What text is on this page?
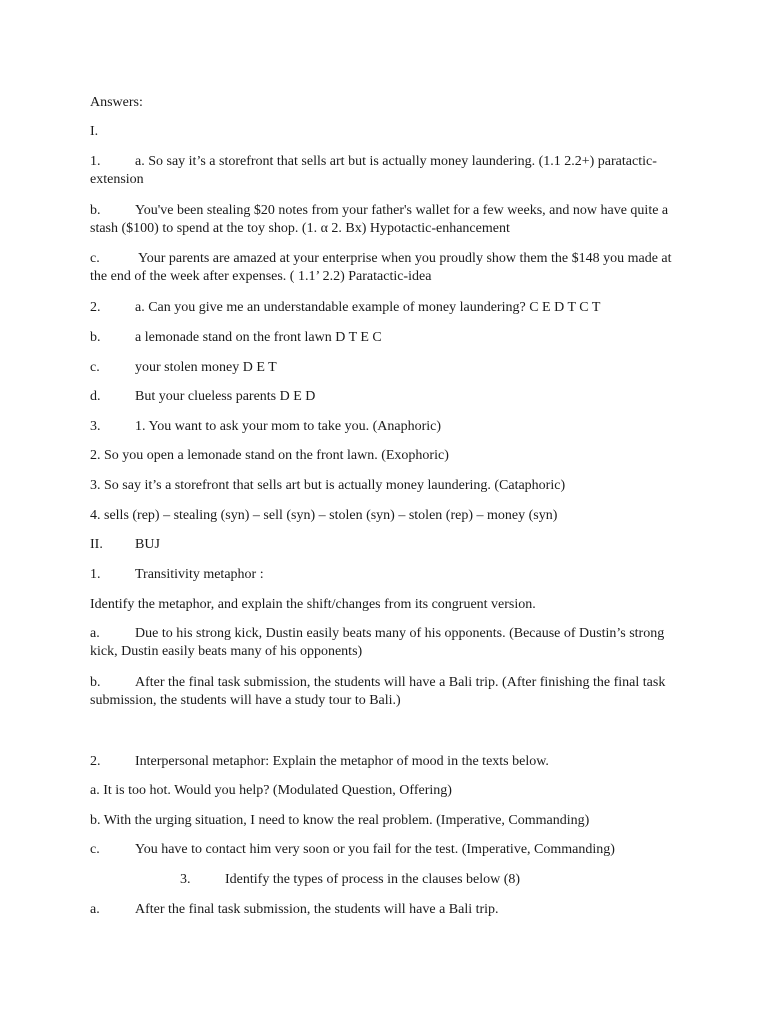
Answers:

I.

1. a. So say it’s a storefront that sells art but is actually money laundering. (1.1 2.2+) paratactic-extension

b. You've been stealing $20 notes from your father's wallet for a few weeks, and now have quite a stash ($100) to spend at the toy shop. (1. α 2. Bx) Hypotactic-enhancement

c.	Your parents are amazed at your enterprise when you proudly show them the $148 you made at the end of the week after expenses. ( 1.1’ 2.2) Paratactic-idea

2. a. Can you give me an understandable example of money laundering? C E D T C T

b. a lemonade stand on the front lawn D T E C

c.	your stolen money D E T

d. But your clueless parents D E D

3. 1. You want to ask your mom to take you. (Anaphoric)

2. So you open a lemonade stand on the front lawn. (Exophoric)

3. So say it’s a storefront that sells art but is actually money laundering. (Cataphoric)

4. sells (rep) – stealing (syn) – sell (syn) – stolen (syn) – stolen (rep) – money (syn)

II. BUJ

1. Transitivity metaphor :

Identify the metaphor, and explain the shift/changes from its congruent version.

a.	Due to his strong kick, Dustin easily beats many of his opponents. (Because of Dustin’s strong kick, Dustin easily beats many of his opponents)

b. After the final task submission, the students will have a Bali trip. (After finishing the final task submission, the students will have a study tour to Bali.)

2. Interpersonal metaphor: Explain the metaphor of mood in the texts below.

a. It is too hot. Would you help? (Modulated Question, Offering)

b. With the urging situation, I need to know the real problem. (Imperative, Commanding)

c.	You have to contact him very soon or you fail for the test. (Imperative, Commanding)

3. Identify the types of process in the clauses below (8)

a.	After the final task submission, the students will have a Bali trip.
